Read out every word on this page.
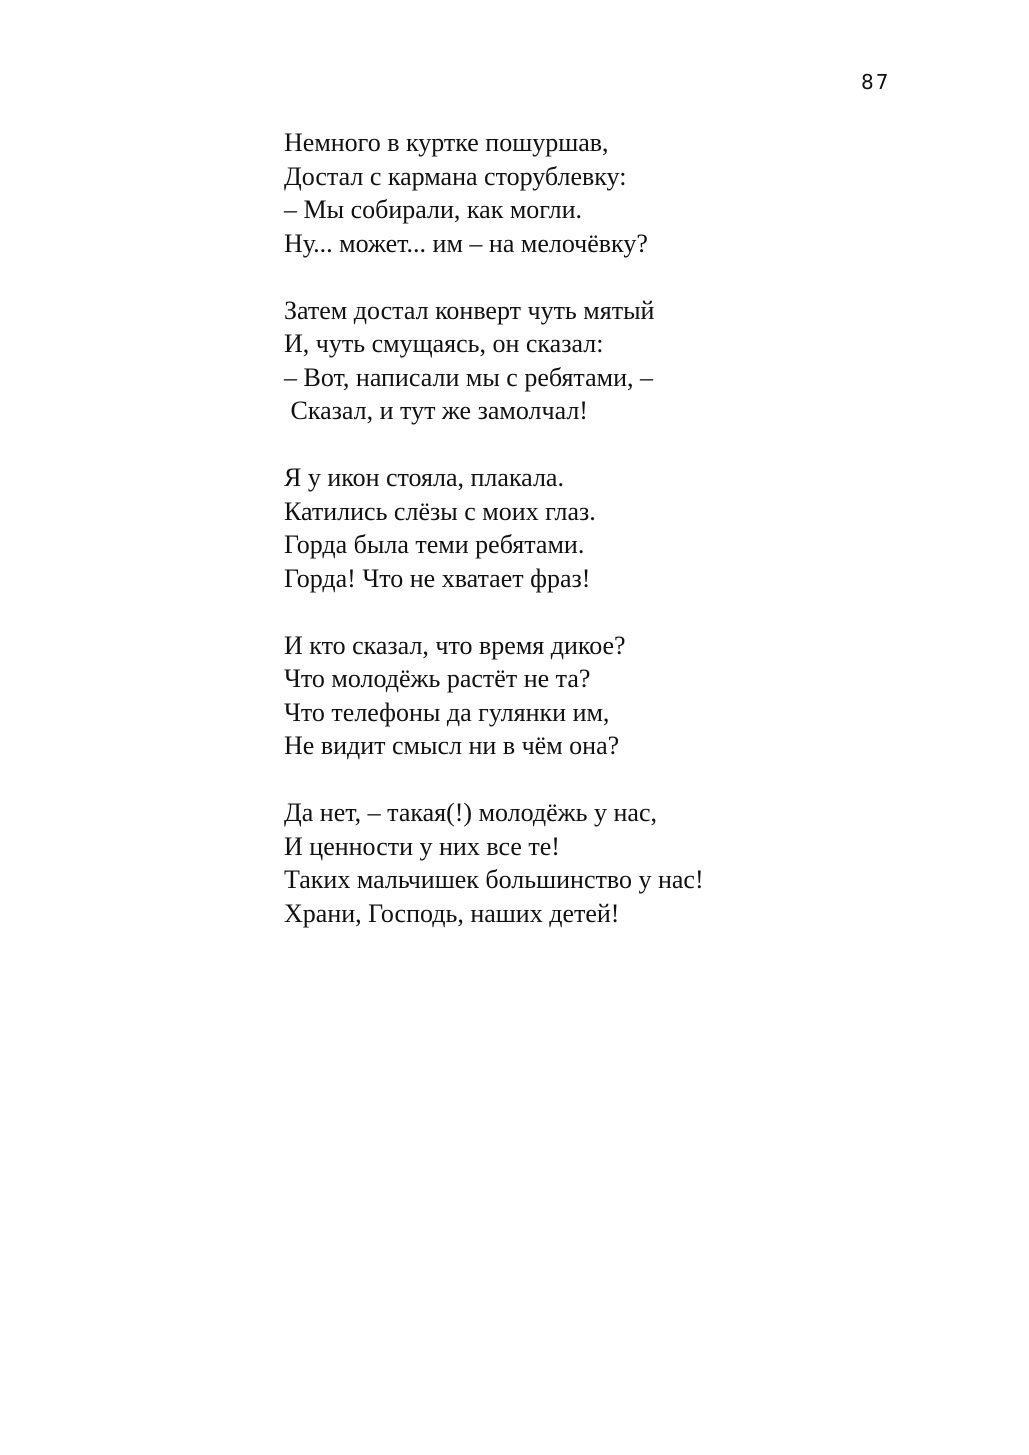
87
Немного в куртке пошуршав,
Достал с кармана сторублевку:
– Мы собирали, как могли.
Ну... может... им – на мелочёвку?
Затем достал конверт чуть мятый
И, чуть смущаясь, он сказал:
– Вот, написали мы с ребятами, –
Сказал, и тут же замолчал!
Я у икон стояла, плакала.
Катились слёзы с моих глаз.
Горда была теми ребятами.
Горда! Что не хватает фраз!
И кто сказал, что время дикое?
Что молодёжь растёт не та?
Что телефоны да гулянки им,
Не видит смысл ни в чём она?
Да нет, – такая(!) молодёжь у нас,
И ценности у них все те!
Таких мальчишек большинство у нас!
Храни, Господь, наших детей!
